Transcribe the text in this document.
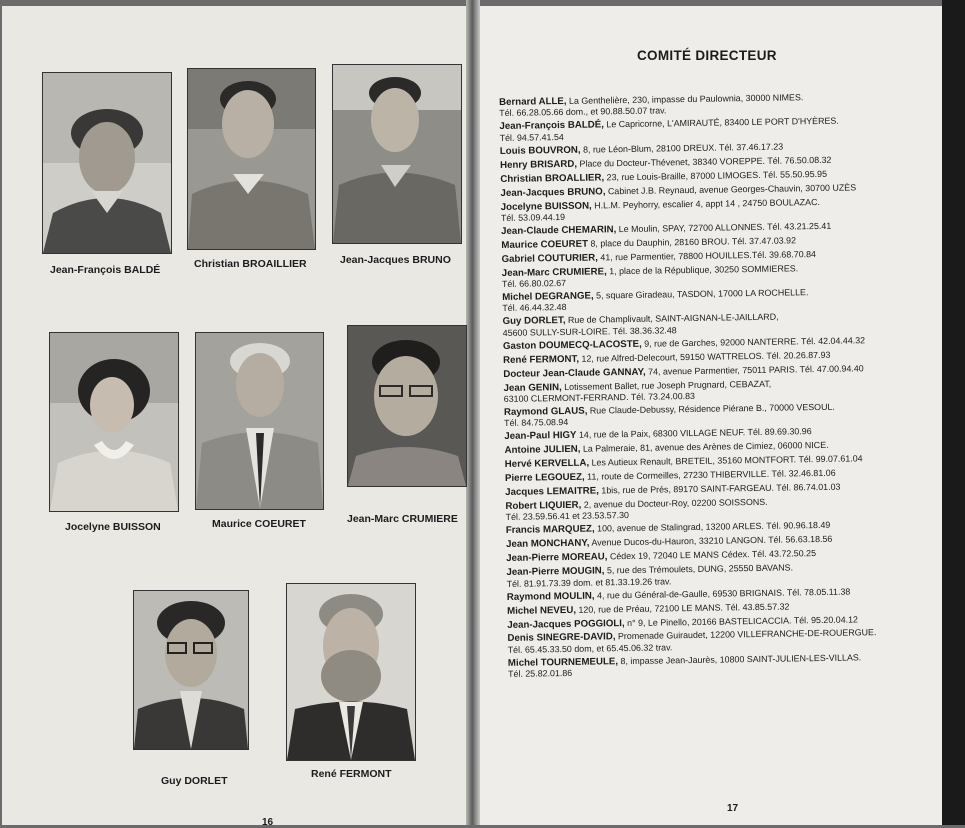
Jean-François BALDÉ	Christian BROAILLIER	Jean-Jacques BRUNO
Jocelyne BUISSON	Maurice COEURET	Jean-Marc CRUMIERE
Guy DORLET
René FERMONT
16
COMITÉ DIRECTEUR
Bernard ALLE, La Genthelière, 230, impasse du Paulownia, 30000 NIMES.
Tél. 66.28.05.66 dom., et 90.88.50.07 trav.
Jean-François BALDÉ, Le Capricorne, L'AMIRAUTÉ, 83400 LE PORT D'HYÈRES.
Tél. 94.57.41.54
Louis BOUVRON, 8, rue Léon-Blum, 28100 DREUX. Tél. 37.46.17.23
Henry BRISARD, Place du Docteur-Thévenet, 38340 VOREPPE. Tél. 76.50.08.32
Christian BROALLIER, 23, rue Louis-Braille, 87000 LIMOGES. Tél. 55.50.95.95
Jean-Jacques BRUNO, Cabinet J.B. Reynaud, avenue Georges-Chauvin, 30700 UZÈS
Jocelyne BUISSON, H.L.M. Peyhorry, escalier 4, appt 14 , 24750 BOULAZAC.
Tél. 53.09.44.19
Jean-Claude CHEMARIN, Le Moulin, SPAY, 72700 ALLONNES. Tél. 43.21.25.41
Maurice COEURET 8, place du Dauphin, 28160 BROU. Tél. 37.47.03.92
Gabriel COUTURIER, 41, rue Parmentier, 78800 HOUILLES.Tél. 39.68.70.84
Jean-Marc CRUMIERE, 1, place de la République, 30250 SOMMIERES.
Tél. 66.80.02.67
Michel DEGRANGE, 5, square Giradeau, TASDON, 17000 LA ROCHELLE.
Tél. 46.44.32.48
Guy DORLET, Rue de Champlivault, SAINT-AIGNAN-LE-JAILLARD,
45600 SULLY-SUR-LOIRE. Tél. 38.36.32.48
Gaston DOUMECQ-LACOSTE, 9, rue de Garches, 92000 NANTERRE. Tél. 42.04.44.32
René FERMONT, 12, rue Alfred-Delecourt, 59150 WATTRELOS. Tél. 20.26.87.93
Docteur Jean-Claude GANNAY, 74, avenue Parmentier, 75011 PARIS. Tél. 47.00.94.40
Jean GENIN, Lotissement Ballet, rue Joseph Prugnard, CEBAZAT,
63100 CLERMONT-FERRAND. Tél. 73.24.00.83
Raymond GLAUS, Rue Claude-Debussy, Résidence Piérane B., 70000 VESOUL.
Tél. 84.75.08.94
Jean-Paul HIGY 14, rue de la Paix, 68300 VILLAGE NEUF. Tél. 89.69.30.96
Antoine JULIEN, La Palmeraie, 81, avenue des Arènes de Cimiez, 06000 NICE.
Hervé KERVELLA, Les Autieux Renault, BRETEIL, 35160 MONTFORT. Tél. 99.07.61.04
Pierre LEGOUEZ, 11, route de Cormeilles, 27230 THIBERVILLE. Tél. 32.46.81.06
Jacques LEMAITRE, 1bis, rue de Prés, 89170 SAINT-FARGEAU. Tél. 86.74.01.03
Robert LIQUIER, 2, avenue du Docteur-Roy, 02200 SOISSONS.
Tél. 23.59.56.41 et 23.53.57.30
Francis MARQUEZ, 100, avenue de Stalingrad, 13200 ARLES. Tél. 90.96.18.49
Jean MONCHANY, Avenue Ducos-du-Hauron, 33210 LANGON. Tél. 56.63.18.56
Jean-Pierre MOREAU, Cédex 19, 72040 LE MANS Cédex. Tél. 43.72.50.25
Jean-Pierre MOUGIN, 5, rue des Trémoulets, DUNG, 25550 BAVANS.
Tél. 81.91.73.39 dom. et 81.33.19.26 trav.
Raymond MOULIN, 4, rue du Général-de-Gaulle, 69530 BRIGNAIS. Tél. 78.05.11.38
Michel NEVEU, 120, rue de Préau, 72100 LE MANS. Tél. 43.85.57.32
Jean-Jacques POGGIOLI, n° 9, Le Pinello, 20166 BASTELICACCIA. Tél. 95.20.04.12
Denis SINEGRE-DAVID, Promenade Guiraudet, 12200 VILLEFRANCHE-DE-ROUERGUE.
Tél. 65.45.33.50 dom, et 65.45.06.32 trav.
Michel TOURNEMEULE, 8, impasse Jean-Jaurès, 10800 SAINT-JULIEN-LES-VILLAS.
Tél. 25.82.01.86
17
